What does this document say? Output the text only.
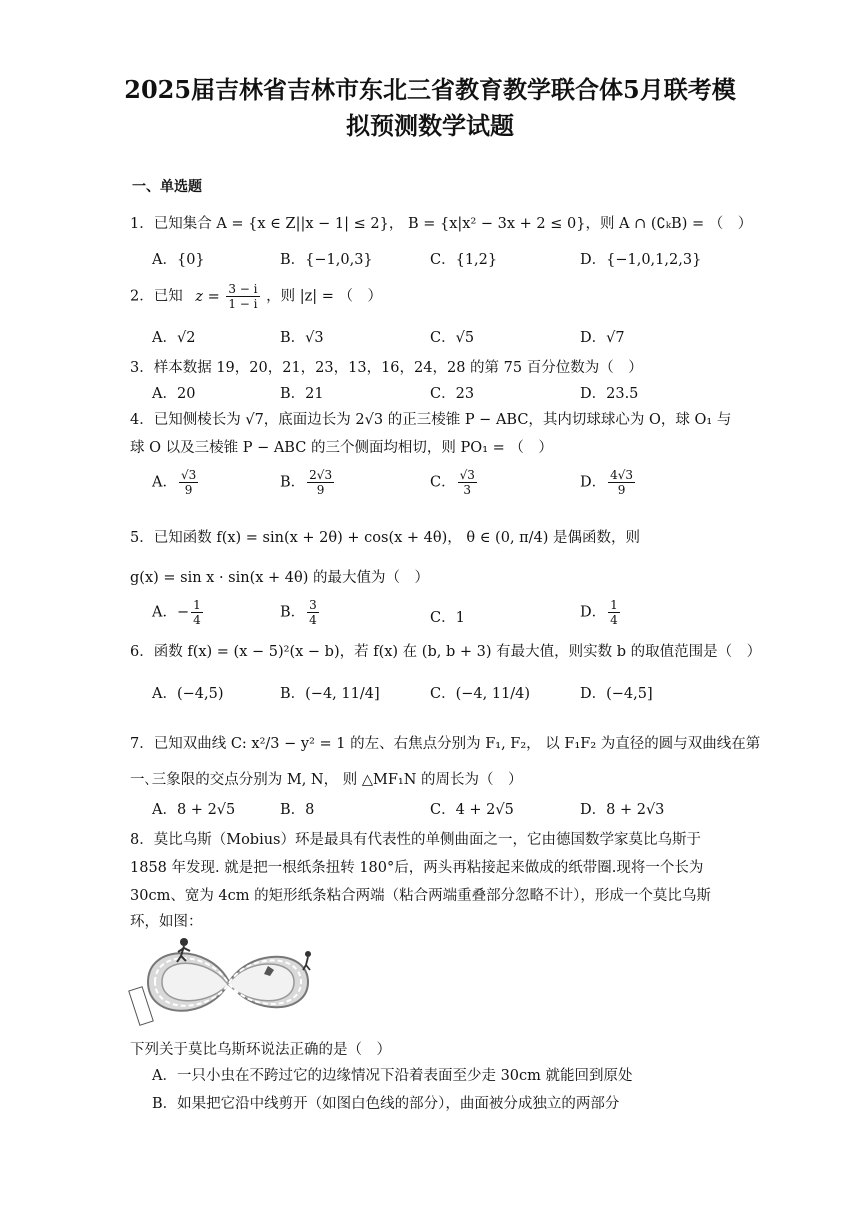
2025届吉林省吉林市东北三省教育教学联合体5月联考模
拟预测数学试题
一、单选题
1．已知集合 A = {x ∈ Z||x − 1| ≤ 2}， B = {x|x² − 3x + 2 ≤ 0}，则 A ∩ (∁ₖB) = （　）
A．{0}	B．{−1,0,3}	C．{1,2}	D．{−1,0,1,2,3}
2．已知 $z = \frac{3 - i}{1 - i}$ ，则 |z| = （　）
A．√2	B．√3	C．√5	D．√7
3．样本数据 19，20，21，23，13，16，24，28 的第 75 百分位数为（　）
A．20	B．21	C．23	D．23.5
4．已知侧棱长为 √7，底面边长为 2√3 的正三棱锥 P − ABC，其内切球球心为 O，球 O₁ 与
球 O 以及三棱锥 P − ABC 的三个侧面均相切，则 PO₁ = （　）
A． $\frac{√3}{9}$	B． $\frac{2√3}{9}$	C． $\frac{√3}{3}$	D． $\frac{4√3}{9}$
5．已知函数 f(x) = sin(x + 2θ) + cos(x + 4θ)， θ ∈ (0, π/4) 是偶函数，则
g(x) = sin x · sin(x + 4θ) 的最大值为（　）
A．− $\frac{1}{4}$	B． $\frac{3}{4}$	C．1	D． $\frac{1}{4}$
6．函数 f(x) = (x − 5)²(x − b)，若 f(x) 在 (b, b + 3) 有最大值，则实数 b 的取值范围是（　）
A．(−4,5)	B．(−4, 11/4]	C．(−4, 11/4)	D．(−4,5]
7．已知双曲线 C: x²/3 − y² = 1 的左、右焦点分别为 F₁, F₂， 以 F₁F₂ 为直径的圆与双曲线在第
一､三象限的交点分别为 M, N， 则 △MF₁N 的周长为（　）
A．8 + 2√5	B．8	C．4 + 2√5	D．8 + 2√3
8．莫比乌斯（Mobius）环是最具有代表性的单侧曲面之一，它由德国数学家莫比乌斯于
1858 年发现. 就是把一根纸条扭转 180°后，两头再粘接起来做成的纸带圈.现将一个长为
30cm、宽为 4cm 的矩形纸条粘合两端（粘合两端重叠部分忽略不计），形成一个莫比乌斯
环，如图：
下列关于莫比乌斯环说法正确的是（　）
A．一只小虫在不跨过它的边缘情况下沿着表面至少走 30cm 就能回到原处
B．如果把它沿中线剪开（如图白色线的部分），曲面被分成独立的两部分
